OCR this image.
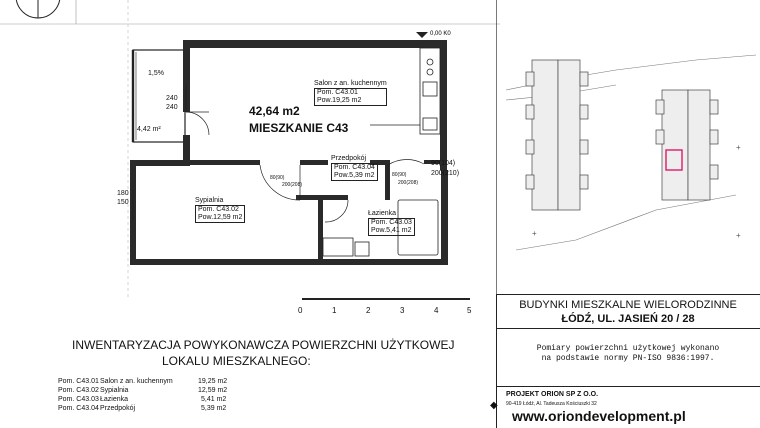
0,00 K0
42,64 m2
MIESZKANIE C43
1,5%
4,42 m²
240
240
Salon z an. kuchennym
Pom. C43.01
Pow.19,25 m2
Przedpokój
Pom. C43.04
Pow.5,39 m2
Sypialnia
Pom. C43.02
Pow.12,59 m2
Łazienka
Pom. C43.03
Pow.5,41 m2
80(90)
200(208)
80(90)
200(208)
90(104)
200(210)
180
150
0	1	2	3	4	5
+
+
+
BUDYNKI MIESZKALNE WIELORODZINNE
ŁÓDŹ, UL. JASIEŃ 20 / 28
Pomiary powierzchni użytkowej wykonano
na podstawie normy PN-ISO 9836:1997.
PROJEKT ORION SP Z O.O.
90-419 Łódź, Al. Tadeusza Kościuszki 32
www.oriondevelopment.pl
◆
INWENTARYZACJA POWYKONAWCZA POWIERZCHNI UŻYTKOWEJ
LOKALU MIESZKALNEGO:
Pom. C43.01 Salon z an. kuchennym	19,25 m2
Pom. C43.02 Sypialnia	12,59 m2
Pom. C43.03 Łazienka	5,41 m2
Pom. C43.04 Przedpokój	5,39 m2
